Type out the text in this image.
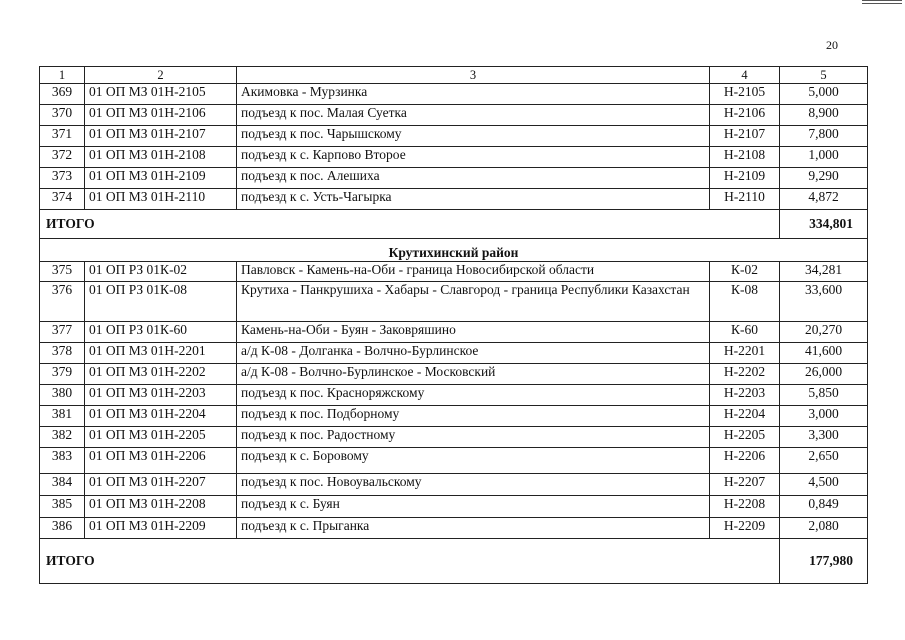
20
1	2	3	4	5
369	01 ОП МЗ 01Н-2105	Акимовка - Мурзинка	Н-2105	5,000
370	01 ОП МЗ 01Н-2106	подъезд к пос. Малая Суетка	Н-2106	8,900
371	01 ОП МЗ 01Н-2107	подъезд к пос. Чарышскому	Н-2107	7,800
372	01 ОП МЗ 01Н-2108	подъезд к с. Карпово Второе	Н-2108	1,000
373	01 ОП МЗ 01Н-2109	подъезд к пос. Алешиха	Н-2109	9,290
374	01 ОП МЗ 01Н-2110	подъезд к с. Усть-Чагырка	Н-2110	4,872
ИТОГО				334,801
Крутихинский район				
375	01 ОП РЗ 01К-02	Павловск - Камень-на-Оби - граница Новосибирской области	К-02	34,281
376	01 ОП РЗ 01К-08	Крутиха - Панкрушиха - Хабары - Славгород - граница Республики Казахстан	К-08	33,600
377	01 ОП РЗ 01К-60	Камень-на-Оби - Буян - Заковряшино	К-60	20,270
378	01 ОП МЗ 01Н-2201	а/д К-08 - Долганка - Волчно-Бурлинское	Н-2201	41,600
379	01 ОП МЗ 01Н-2202	а/д К-08 - Волчно-Бурлинское - Московский	Н-2202	26,000
380	01 ОП МЗ 01Н-2203	подъезд к пос. Красноряжскому	Н-2203	5,850
381	01 ОП МЗ 01Н-2204	подъезд к пос. Подборному	Н-2204	3,000
382	01 ОП МЗ 01Н-2205	подъезд к пос. Радостному	Н-2205	3,300
383	01 ОП МЗ 01Н-2206	подъезд к с. Боровому	Н-2206	2,650
384	01 ОП МЗ 01Н-2207	подъезд к пос. Новоувальскому	Н-2207	4,500
385	01 ОП МЗ 01Н-2208	подъезд к с. Буян	Н-2208	0,849
386	01 ОП МЗ 01Н-2209	подъезд к с. Прыганка	Н-2209	2,080
ИТОГО				177,980
